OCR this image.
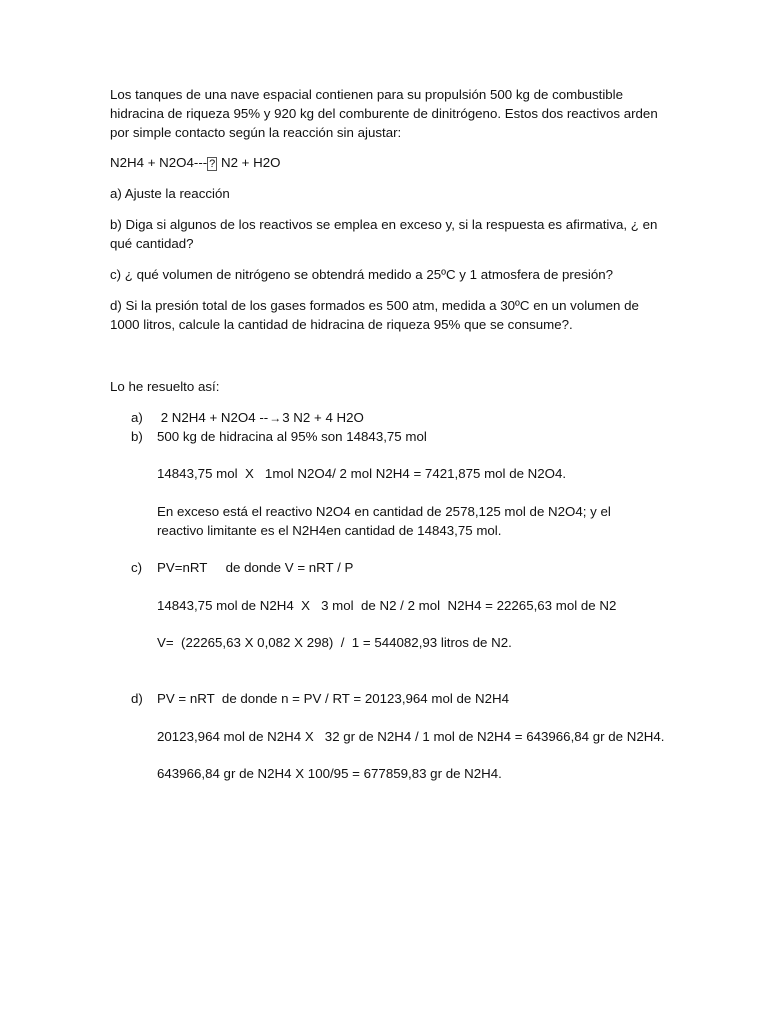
Los tanques de una nave espacial contienen para su propulsión 500 kg de combustible hidracina de riqueza 95% y 920 kg del comburente de dinitrógeno. Estos dos reactivos arden por simple contacto según la reacción sin ajustar:
N2H4 + N2O4--- ? N2 + H2O
a) Ajuste la reacción
b) Diga si algunos de los reactivos se emplea en exceso y, si la respuesta es afirmativa, ¿ en qué cantidad?
c) ¿ qué volumen de nitrógeno se obtendrá medido a 25ºC y 1 atmosfera de presión?
d) Si la presión total de los gases formados es 500 atm, medida a 30ºC en un volumen de 1000 litros, calcule la cantidad de hidracina de riqueza 95% que se consume?.
Lo he resuelto así:
a) 2 N2H4 + N2O4 --→3 N2 + 4 H2O
b) 500 kg de hidracina al 95% son 14843,75 mol
14843,75 mol  X   1mol N2O4/ 2 mol N2H4 = 7421,875 mol de N2O4.
En exceso está el reactivo N2O4 en cantidad de 2578,125 mol de N2O4; y el reactivo limitante es el N2H4en cantidad de 14843,75 mol.
c) PV=nRT     de donde V = nRT / P
14843,75 mol de N2H4  X   3 mol  de N2 / 2 mol  N2H4 = 22265,63 mol de N2
V=  (22265,63 X 0,082 X 298)  /  1 = 544082,93 litros de N2.
d) PV = nRT  de donde n = PV / RT = 20123,964 mol de N2H4
20123,964 mol de N2H4 X   32 gr de N2H4 / 1 mol de N2H4 = 643966,84 gr de N2H4.
643966,84 gr de N2H4 X 100/95 = 677859,83 gr de N2H4.
